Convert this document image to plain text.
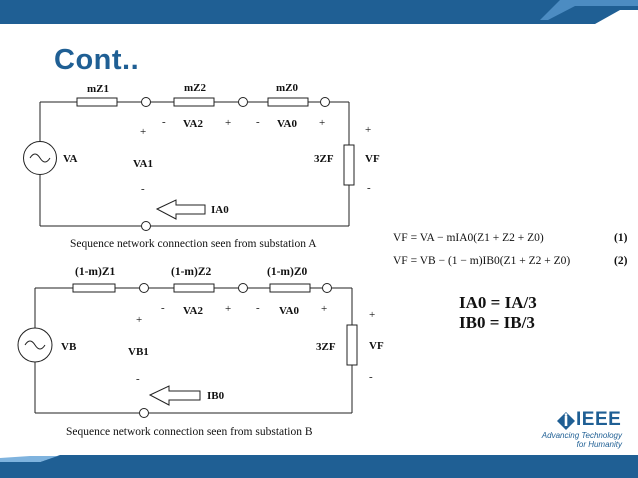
Cont..
mZ1	mZ2	mZ0
- VA2 + - VA0 +
+
+
VA	VA1	3ZF	VF
-	-
IA0
Sequence network connection seen from substation A
(1-m)Z1	(1-m)Z2	(1-m)Z0
- VA2 + - VA0 +	+
+
VB	VB1	3ZF	VF
-	-
IB0
Sequence network connection seen from substation B
VF = VA − mIA0(Z1 + Z2 + Z0)	(1)
VF = VB − (1 − m)IB0(Z1 + Z2 + Z0)	(2)
IA0 = IA/3
IB0 = IB/3
IEEE
Advancing Technology
for Humanity
